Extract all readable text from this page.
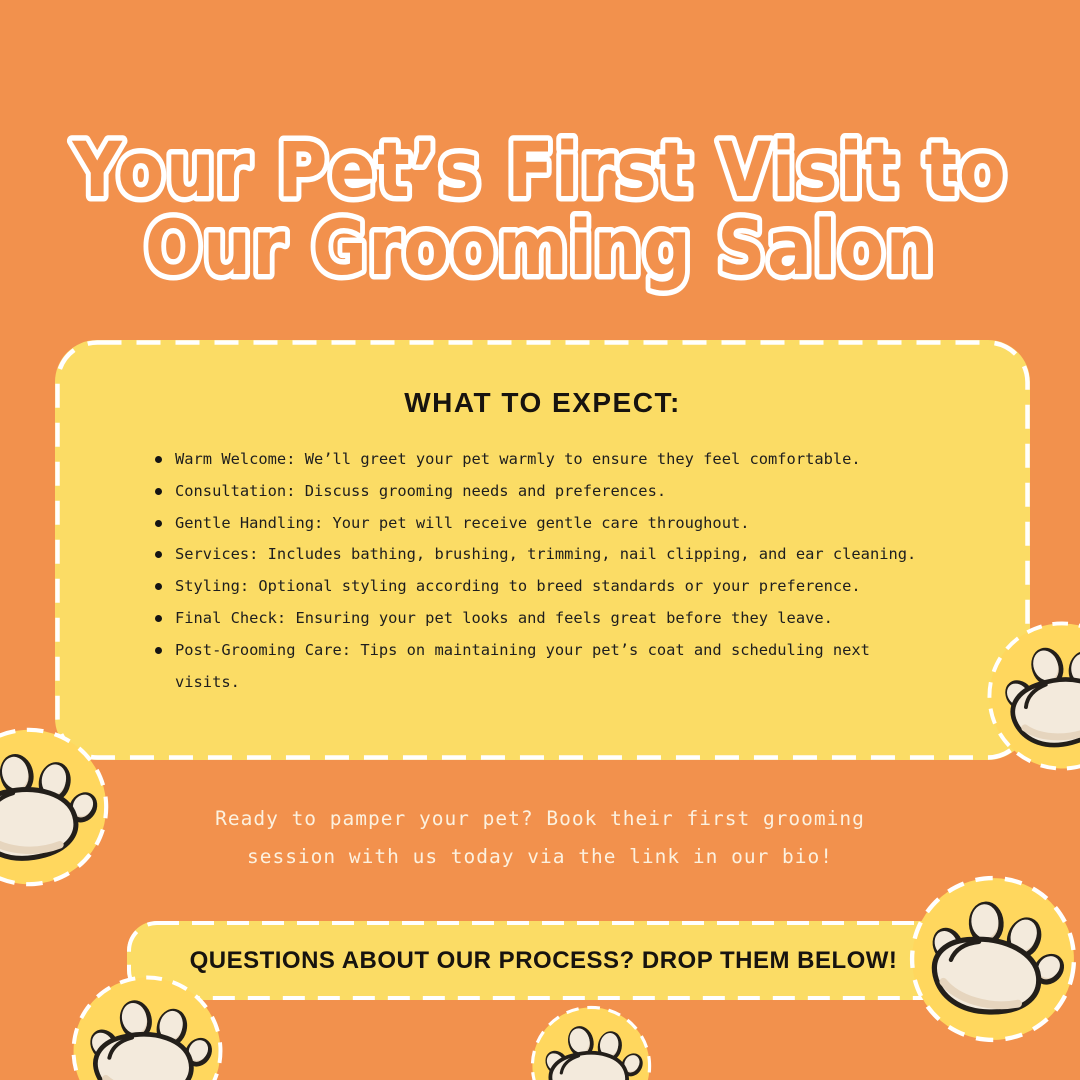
Your Pet’s First Visit to
Our Grooming Salon
WHAT TO EXPECT:
Warm Welcome: We’ll greet your pet warmly to ensure they feel comfortable.
Consultation: Discuss grooming needs and preferences.
Gentle Handling: Your pet will receive gentle care throughout.
Services: Includes bathing, brushing, trimming, nail clipping, and ear cleaning.
Styling: Optional styling according to breed standards or your preference.
Final Check: Ensuring your pet looks and feels great before they leave.
Post-Grooming Care: Tips on maintaining your pet’s coat and scheduling next visits.

Ready to pamper your pet? Book their first grooming

session with us today via the link in our bio!

QUESTIONS ABOUT OUR PROCESS? DROP THEM BELOW!
